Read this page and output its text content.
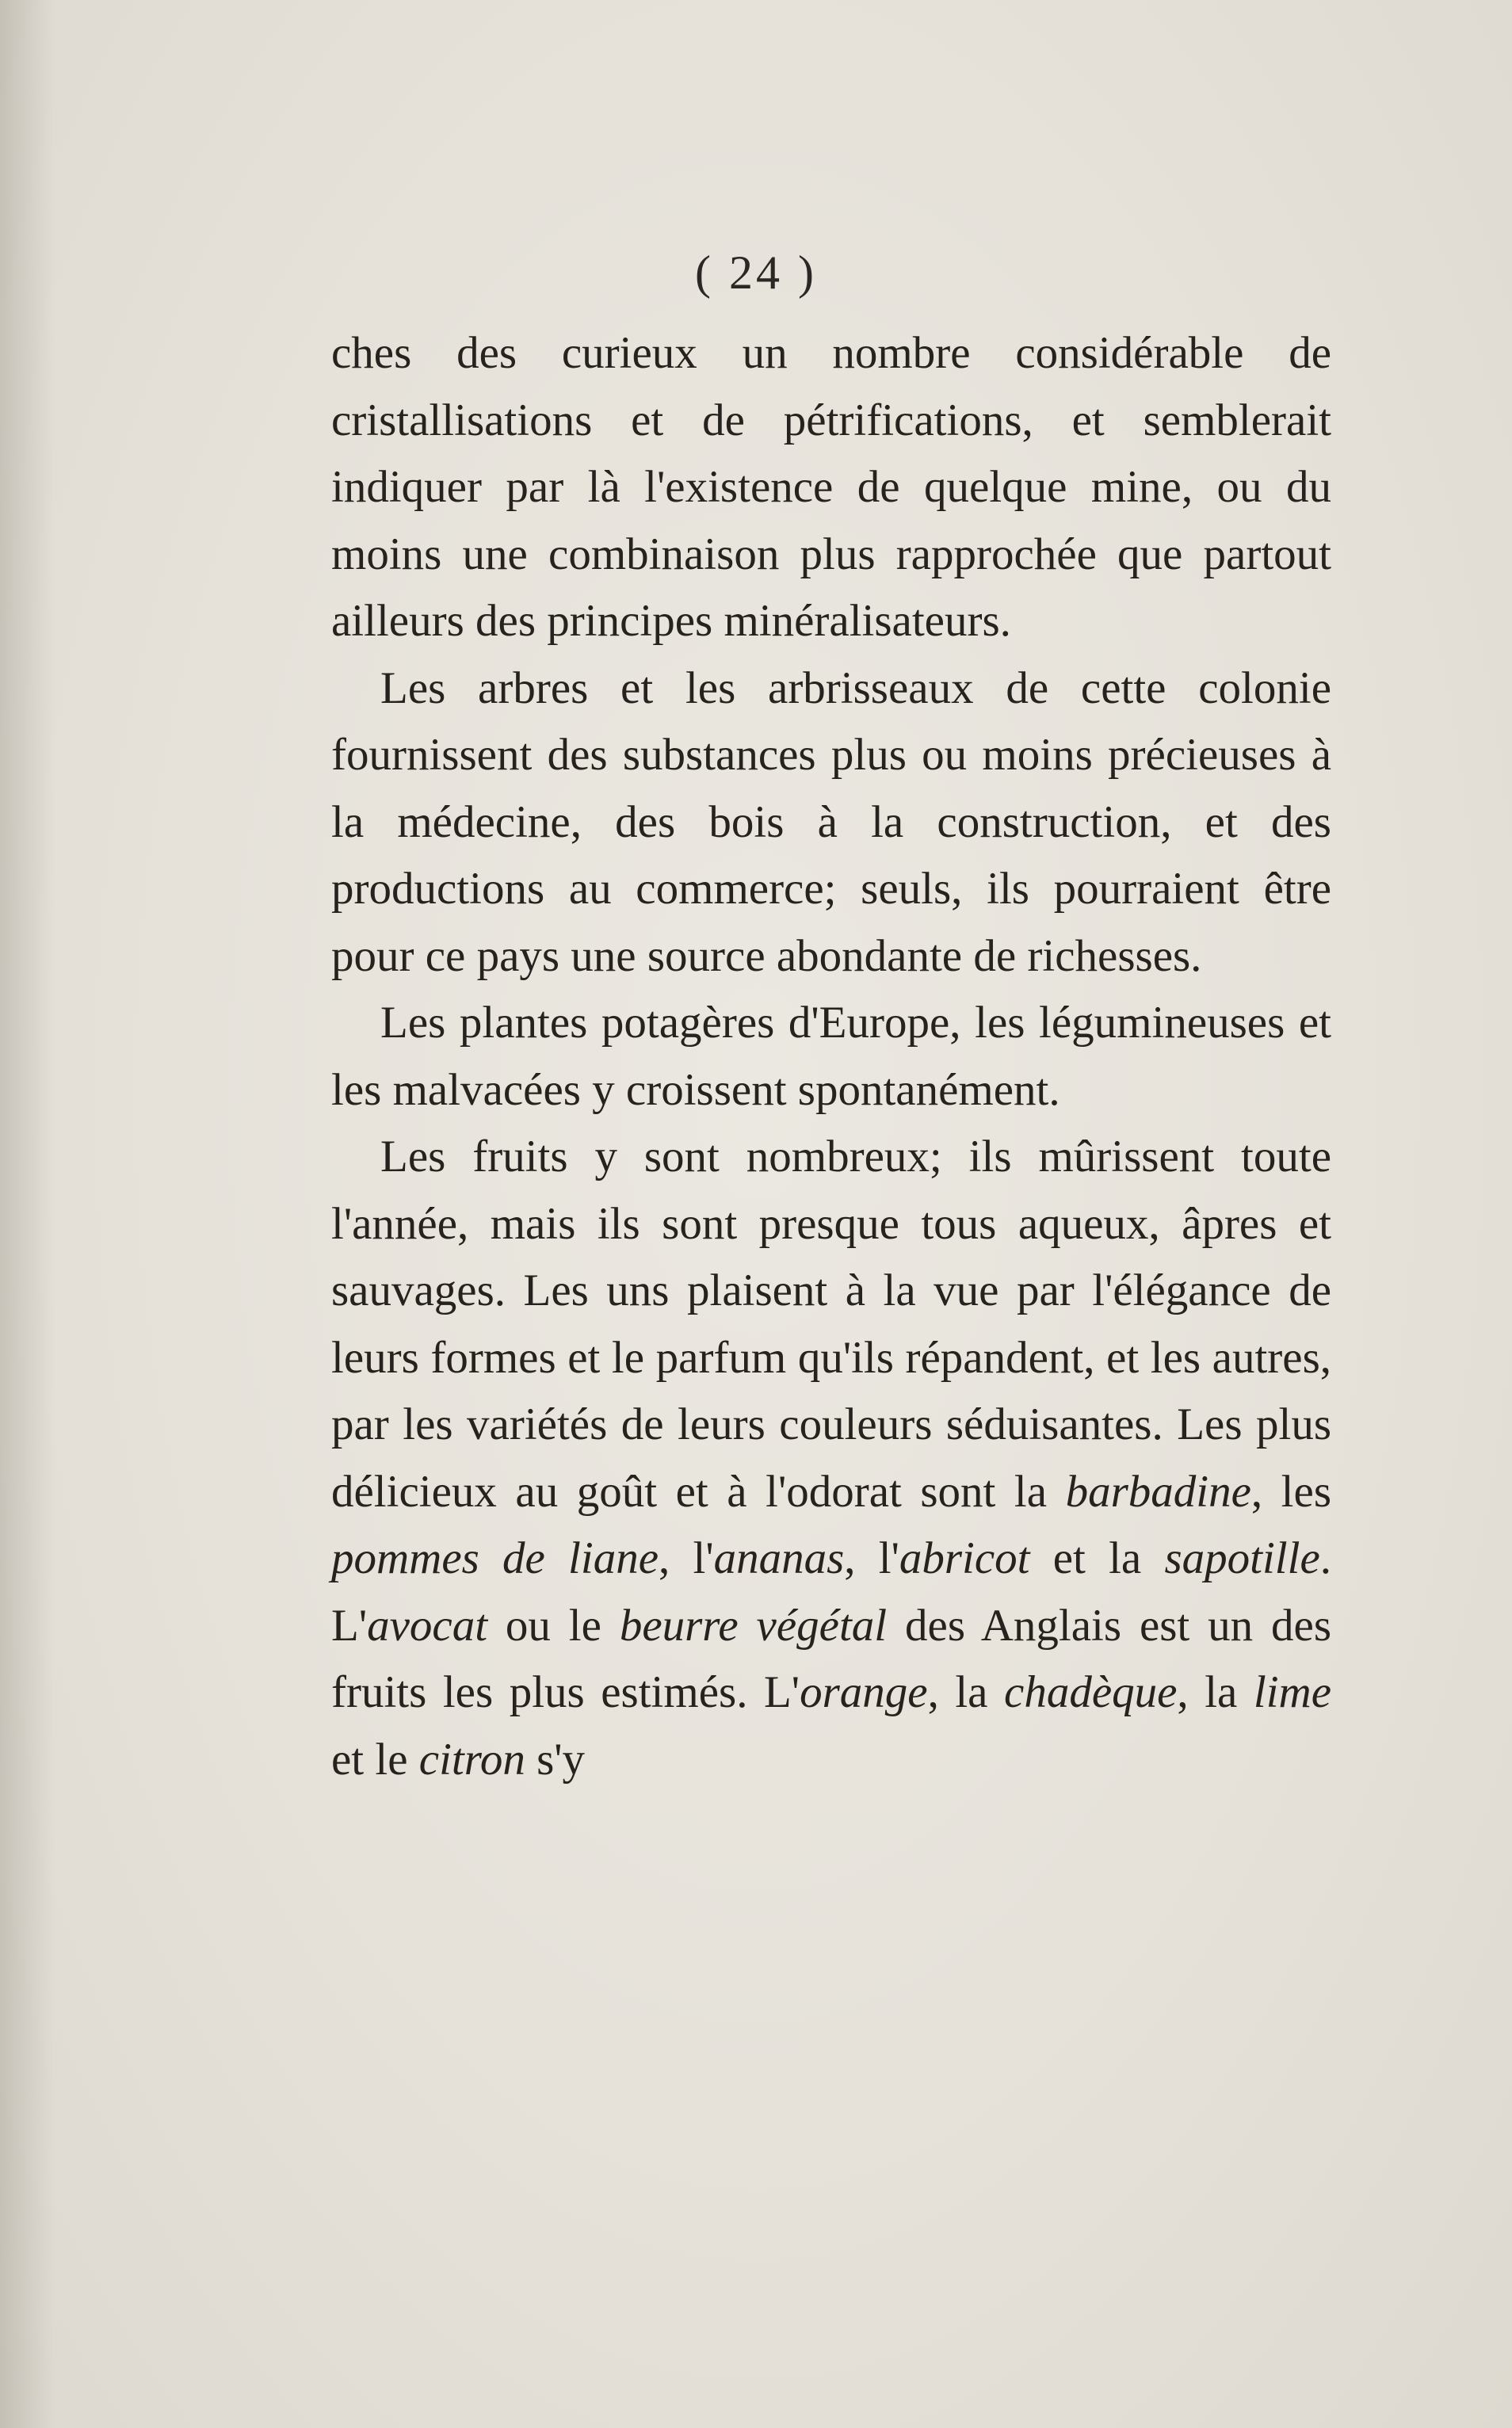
( 24 )

ches des curieux un nombre considérable de cristallisations et de pétrifications, et semblerait indiquer par là l'existence de quelque mine, ou du moins une combinaison plus rapprochée que partout ailleurs des principes minéralisateurs.

Les arbres et les arbrisseaux de cette colonie fournissent des substances plus ou moins précieuses à la médecine, des bois à la construction, et des productions au commerce; seuls, ils pourraient être pour ce pays une source abondante de richesses.

Les plantes potagères d'Europe, les légumineuses et les malvacées y croissent spontanément.

Les fruits y sont nombreux; ils mûrissent toute l'année, mais ils sont presque tous aqueux, âpres et sauvages. Les uns plaisent à la vue par l'élégance de leurs formes et le parfum qu'ils répandent, et les autres, par les variétés de leurs couleurs séduisantes. Les plus délicieux au goût et à l'odorat sont la barbadine, les pommes de liane, l'ananas, l'abricot et la sapotille. L'avocat ou le beurre végétal des Anglais est un des fruits les plus estimés. L'orange, la chadèque, la lime et le citron s'y
